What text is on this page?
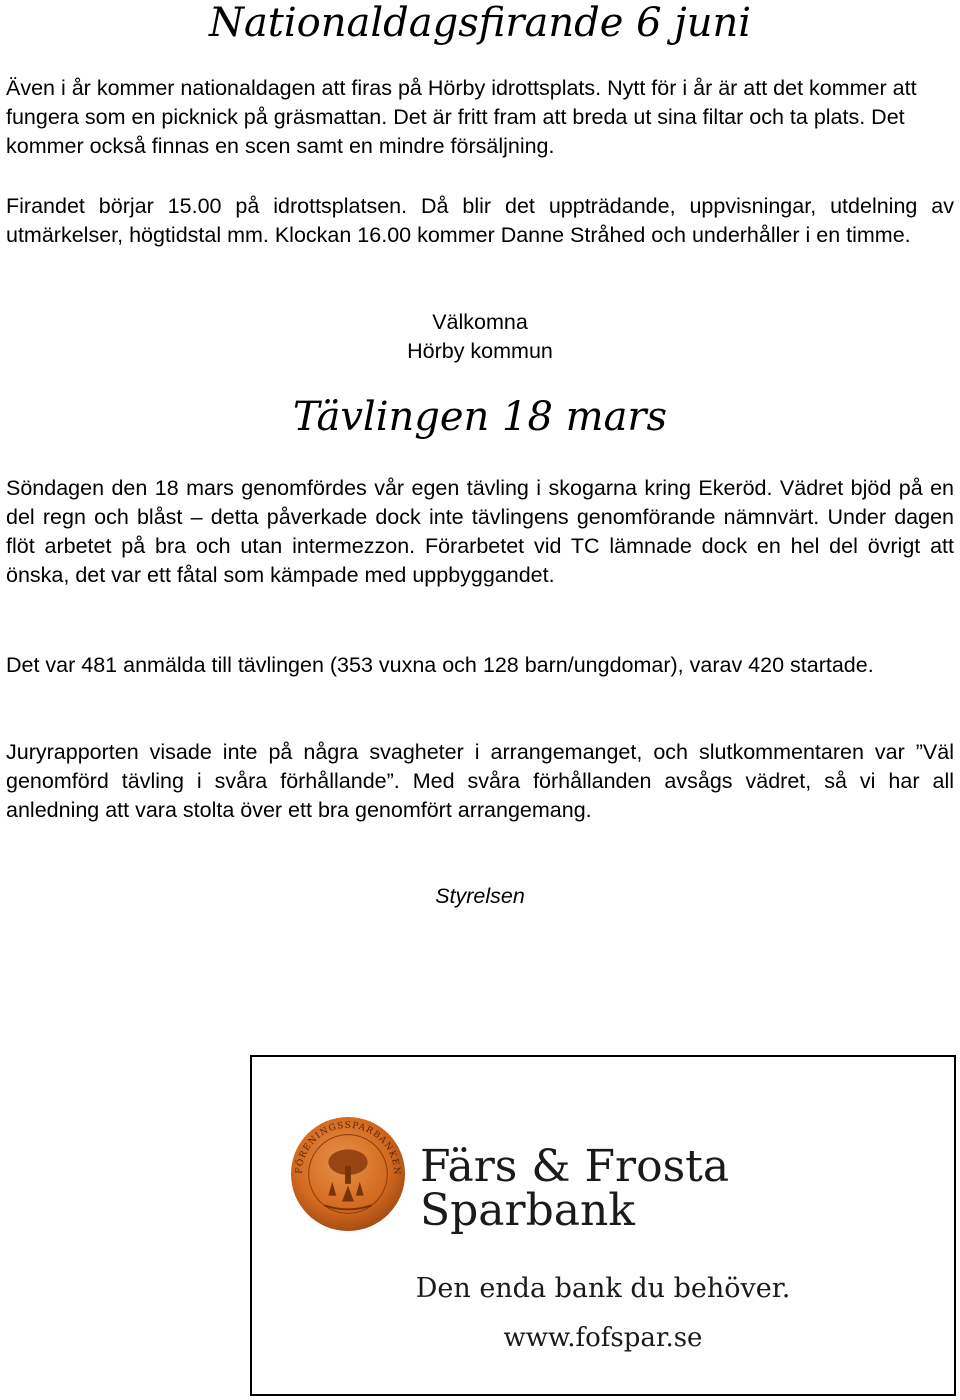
Nationaldagsfirande 6 juni

Även i år kommer nationaldagen att firas på Hörby idrottsplats. Nytt för i år är att det kommer att fungera som en picknick på gräsmattan. Det är fritt fram att breda ut sina filtar och ta plats. Det kommer också finnas en scen samt en mindre försäljning.

Firandet börjar 15.00 på idrottsplatsen. Då blir det uppträdande, uppvisningar, utdelning av utmärkelser, högtidstal mm. Klockan 16.00 kommer Danne Stråhed och underhåller i en timme.

Välkomna

Hörby kommun

Tävlingen 18 mars

Söndagen den 18 mars genomfördes vår egen tävling i skogarna kring Ekeröd. Vädret bjöd på en del regn och blåst – detta påverkade dock inte tävlingens genomförande nämnvärt. Under dagen flöt arbetet på bra och utan intermezzon. Förarbetet vid TC lämnade dock en hel del övrigt att önska, det var ett fåtal som kämpade med uppbyggandet.

Det var 481 anmälda till tävlingen (353 vuxna och 128 barn/ungdomar), varav 420 startade.

Juryrapporten visade inte på några svagheter i arrangemanget, och slutkommentaren var ”Väl genomförd tävling i svåra förhållande”. Med svåra förhållanden avsågs vädret, så vi har all anledning att vara stolta över ett bra genomfört arrangemang.

Styrelsen

FÖRENINGSSPARBANKEN Färs & Frosta
Sparbank

Den enda bank du behöver.

www.fofspar.se
